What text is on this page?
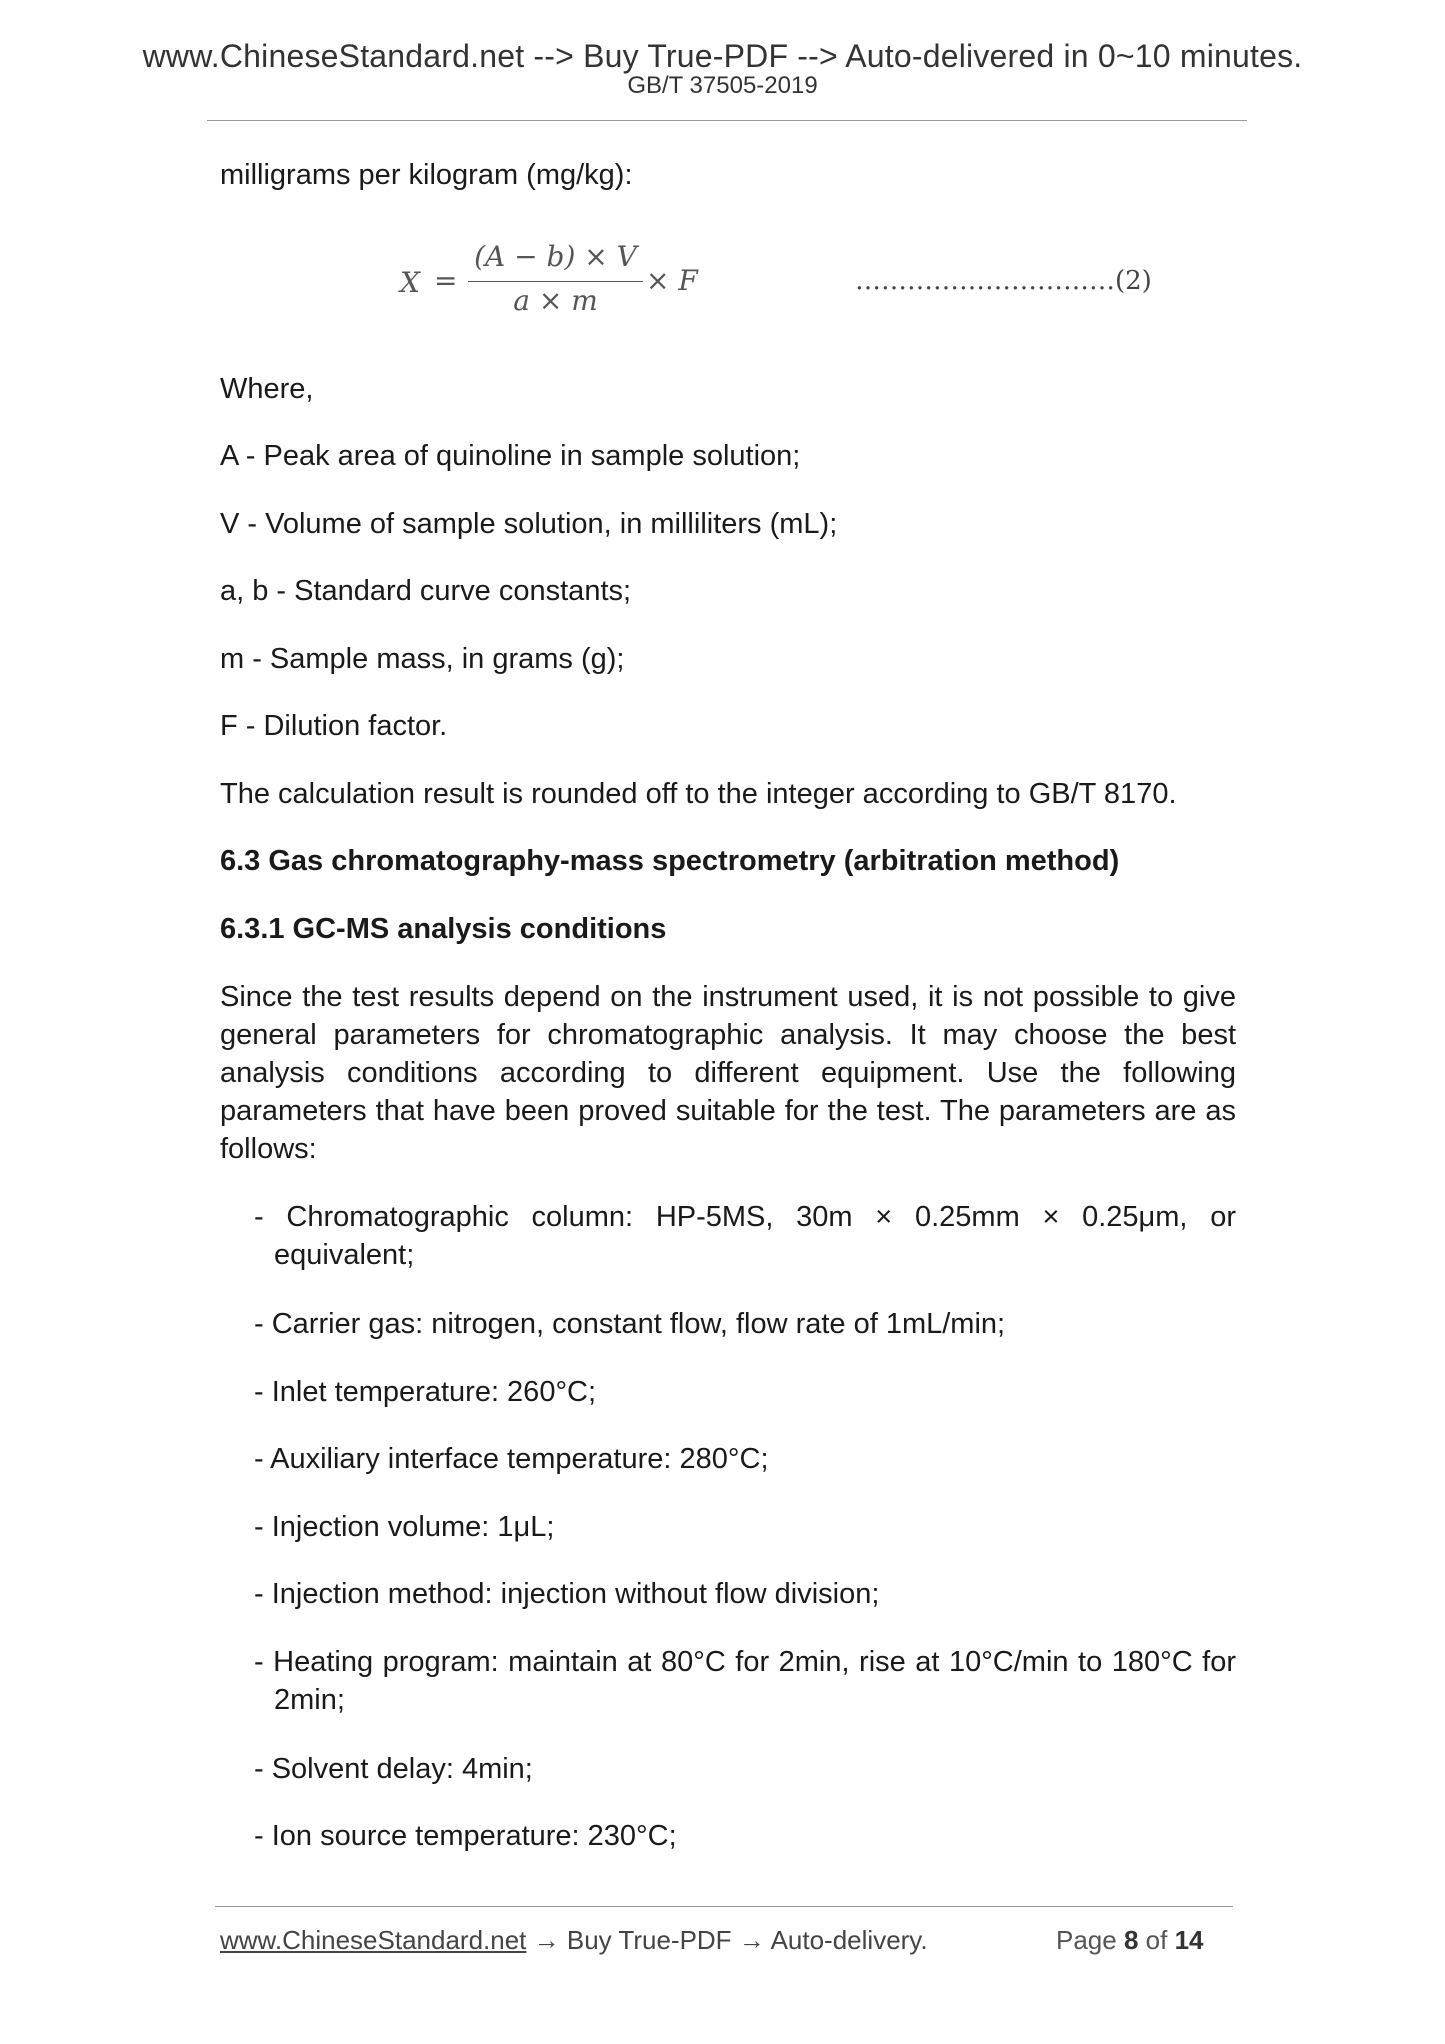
www.ChineseStandard.net --> Buy True-PDF --> Auto-delivered in 0~10 minutes.
GB/T 37505-2019
milligrams per kilogram (mg/kg):
X =
(A − b) × V
a × m
× F	…………………………(2)
Where,
A - Peak area of quinoline in sample solution;
V - Volume of sample solution, in milliliters (mL);
a, b - Standard curve constants;
m - Sample mass, in grams (g);
F - Dilution factor.
The calculation result is rounded off to the integer according to GB/T 8170.
6.3 Gas chromatography-mass spectrometry (arbitration method)
6.3.1 GC-MS analysis conditions
Since the test results depend on the instrument used, it is not possible to give general parameters for chromatographic analysis. It may choose the best analysis conditions according to different equipment. Use the following parameters that have been proved suitable for the test. The parameters are as follows:
- Chromatographic column: HP-5MS, 30m × 0.25mm × 0.25μm, or equivalent;
- Carrier gas: nitrogen, constant flow, flow rate of 1mL/min;
- Inlet temperature: 260°C;
- Auxiliary interface temperature: 280°C;
- Injection volume: 1μL;
- Injection method: injection without flow division;
- Heating program: maintain at 80°C for 2min, rise at 10°C/min to 180°C for 2min;
- Solvent delay: 4min;
- Ion source temperature: 230°C;
www.ChineseStandard.net → Buy True-PDF → Auto-delivery.	Page 8 of 14
